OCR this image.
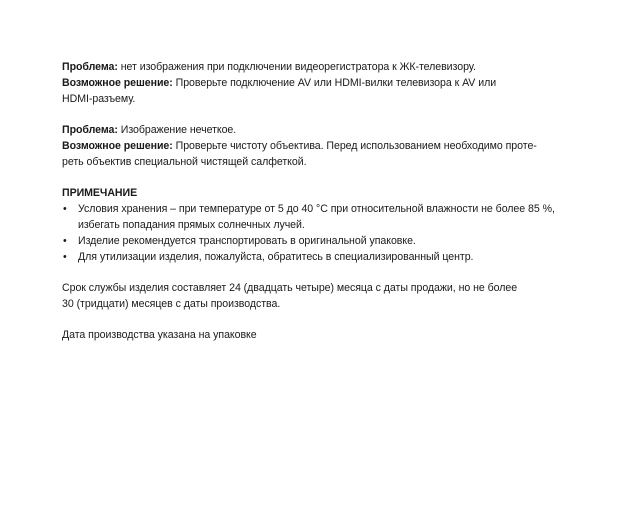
Проблема: нет изображения при подключении видеорегистратора к ЖК-телевизору.

Возможное решение: Проверьте подключение AV или HDMI-вилки телевизора к AV или
HDMI-разъему.

Проблема: Изображение нечеткое.

Возможное решение: Проверьте чистоту объектива. Перед использованием необходимо проте-
реть объектив специальной чистящей салфеткой.

ПРИМЕЧАНИЕ

• Условия хранения – при температуре от 5 до 40 °С при относительной влажности не более 85 %,
избегать попадания прямых солнечных лучей.
• Изделие рекомендуется транспортировать в оригинальной упаковке.
• Для утилизации изделия, пожалуйста, обратитесь в специализированный центр.

Срок службы изделия составляет 24 (двадцать четыре) месяца с даты продажи, но не более
30 (тридцати) месяцев с даты производства.

Дата производства указана на упаковке
